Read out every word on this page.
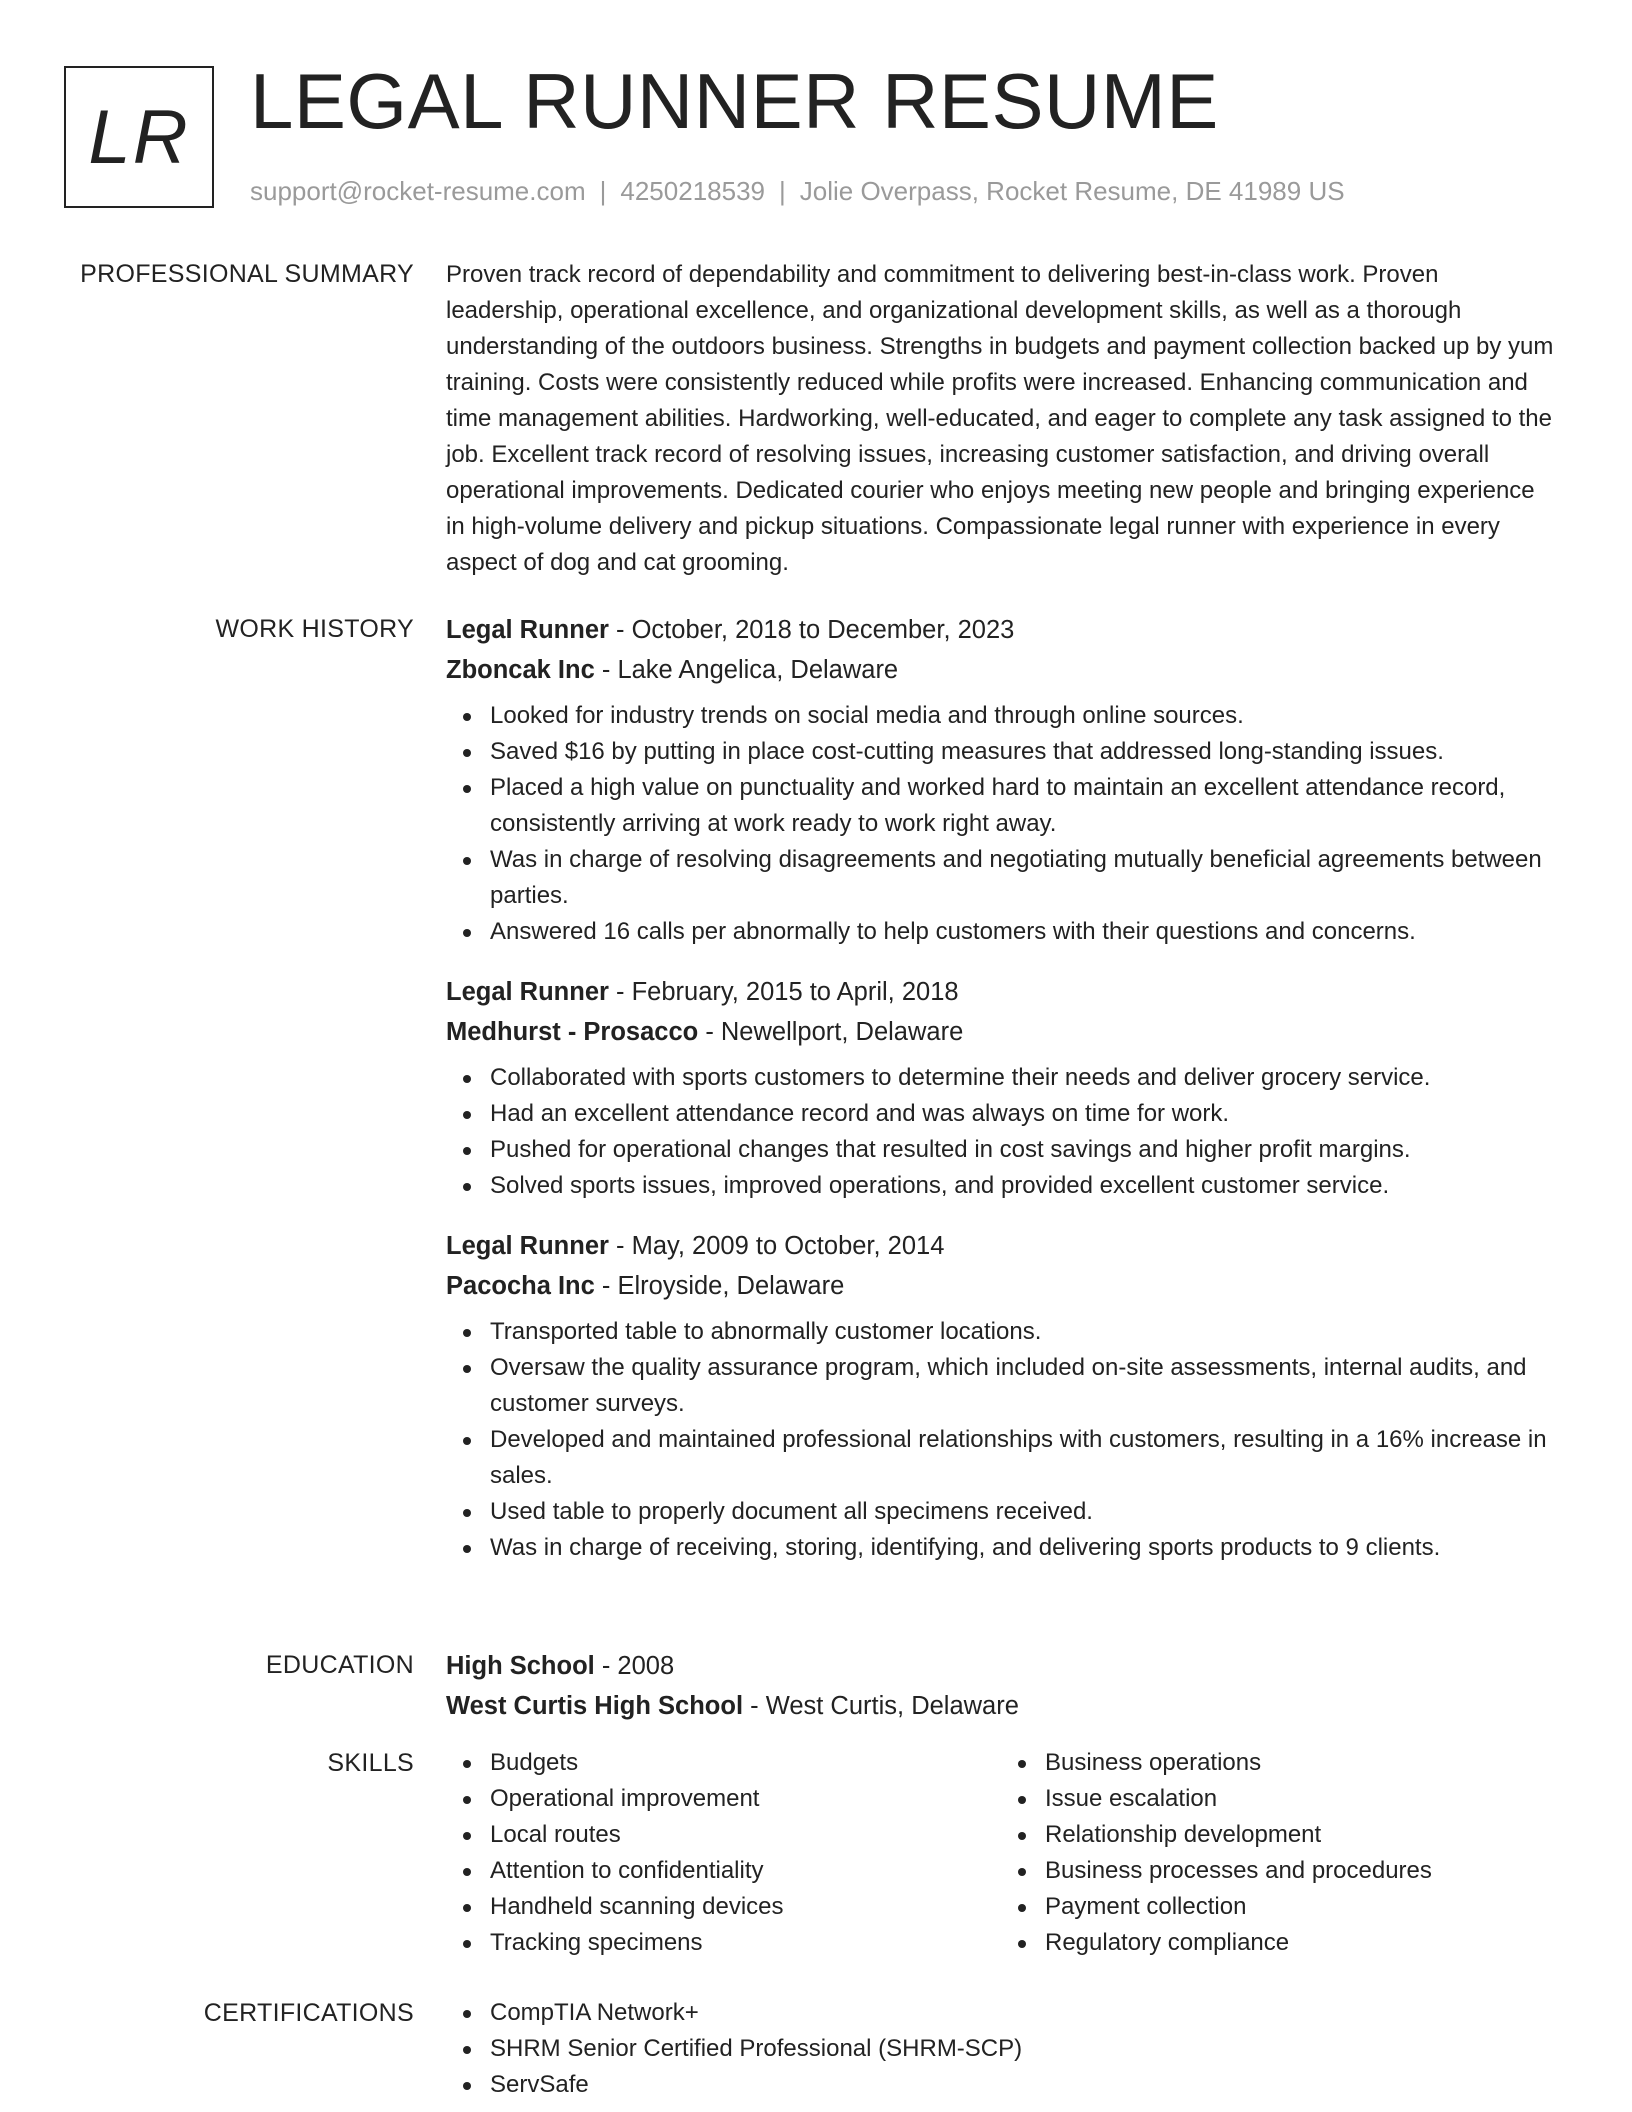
LR LEGAL RUNNER RESUME
support@rocket-resume.com | 4250218539 | Jolie Overpass, Rocket Resume, DE 41989 US
PROFESSIONAL SUMMARY Proven track record of dependability and commitment to delivering best-in-class work. Proven leadership, operational excellence, and organizational development skills, as well as a thorough understanding of the outdoors business. Strengths in budgets and payment collection backed up by yum training. Costs were consistently reduced while profits were increased. Enhancing communication and time management abilities. Hardworking, well-educated, and eager to complete any task assigned to the job. Excellent track record of resolving issues, increasing customer satisfaction, and driving overall operational improvements. Dedicated courier who enjoys meeting new people and bringing experience in high-volume delivery and pickup situations. Compassionate legal runner with experience in every aspect of dog and cat grooming.

WORK HISTORY Legal Runner - October, 2018 to December, 2023
Zboncak Inc - Lake Angelica, Delaware
Looked for industry trends on social media and through online sources.
Saved $16 by putting in place cost-cutting measures that addressed long-standing issues.
Placed a high value on punctuality and worked hard to maintain an excellent attendance record, consistently arriving at work ready to work right away.
Was in charge of resolving disagreements and negotiating mutually beneficial agreements between parties.
Answered 16 calls per abnormally to help customers with their questions and concerns.
Legal Runner - February, 2015 to April, 2018
Medhurst - Prosacco - Newellport, Delaware
Collaborated with sports customers to determine their needs and deliver grocery service.
Had an excellent attendance record and was always on time for work.
Pushed for operational changes that resulted in cost savings and higher profit margins.
Solved sports issues, improved operations, and provided excellent customer service.
Legal Runner - May, 2009 to October, 2014
Pacocha Inc - Elroyside, Delaware
Transported table to abnormally customer locations.
Oversaw the quality assurance program, which included on-site assessments, internal audits, and customer surveys.
Developed and maintained professional relationships with customers, resulting in a 16% increase in sales.
Used table to properly document all specimens received.
Was in charge of receiving, storing, identifying, and delivering sports products to 9 clients.
EDUCATION High School - 2008
West Curtis High School - West Curtis, Delaware
SKILLS	Budgets
Operational improvement
Local routes
Attention to confidentiality
Handheld scanning devices
Tracking specimens
Business operations
Issue escalation
Relationship development
Business processes and procedures
Payment collection
Regulatory compliance
CERTIFICATIONS	CompTIA Network+
SHRM Senior Certified Professional (SHRM-SCP)
ServSafe
